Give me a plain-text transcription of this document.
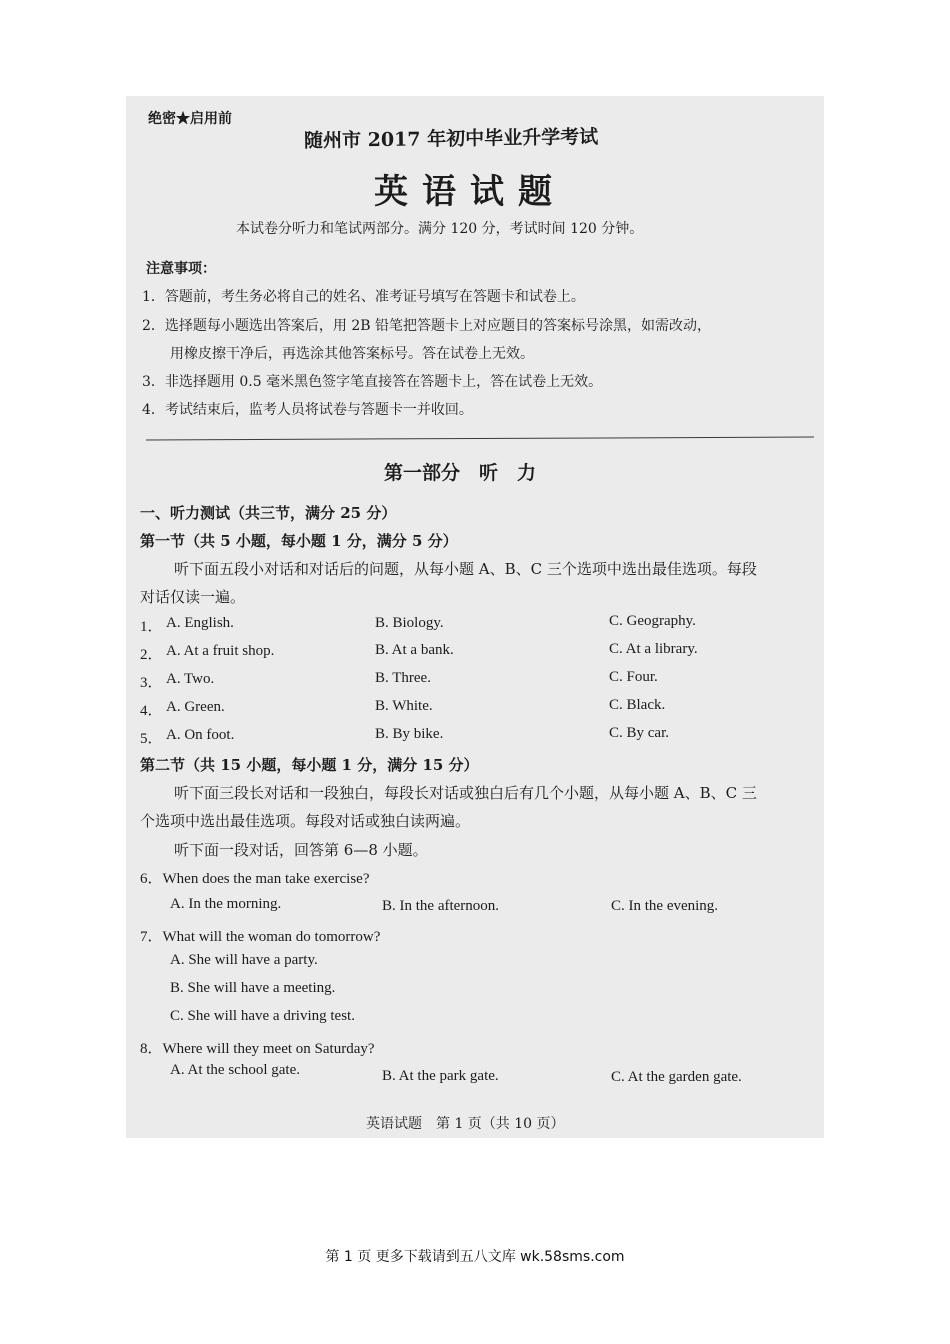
绝密★启用前
随州市 2017 年初中毕业升学考试
英语试题
本试卷分听力和笔试两部分。满分 120 分，考试时间 120 分钟。
注意事项：
1．答题前，考生务必将自己的姓名、准考证号填写在答题卡和试卷上。
2．选择题每小题选出答案后，用 2B 铅笔把答题卡上对应题目的答案标号涂黑，如需改动，
用橡皮擦干净后，再选涂其他答案标号。答在试卷上无效。
3．非选择题用 0.5 毫米黑色签字笔直接答在答题卡上，答在试卷上无效。
4．考试结束后，监考人员将试卷与答题卡一并收回。
第一部分　听　力
一、听力测试（共三节，满分 25 分）
第一节（共 5 小题，每小题 1 分，满分 5 分）
听下面五段小对话和对话后的问题，从每小题 A、B、C 三个选项中选出最佳选项。每段
对话仅读一遍。
1． A. English.	B. Biology.	C. Geography.
2． A. At a fruit shop.	B. At a bank.	C. At a library.
3． A. Two.	B. Three.	C. Four.
4． A. Green.	B. White.	C. Black.
5． A. On foot.	B. By bike.	C. By car.
第二节（共 15 小题，每小题 1 分，满分 15 分）
听下面三段长对话和一段独白，每段长对话或独白后有几个小题，从每小题 A、B、C 三
个选项中选出最佳选项。每段对话或独白读两遍。
听下面一段对话，回答第 6—8 小题。
6．When does the man take exercise?
A. In the morning.	B. In the afternoon.	C. In the evening.
7．What will the woman do tomorrow?
A. She will have a party.
B. She will have a meeting.
C. She will have a driving test.
8．Where will they meet on Saturday?
A. At the school gate.	B. At the park gate.	C. At the garden gate.
英语试题　第 1 页（共 10 页）
第 1 页 更多下载请到五八文库 wk.58sms.com
